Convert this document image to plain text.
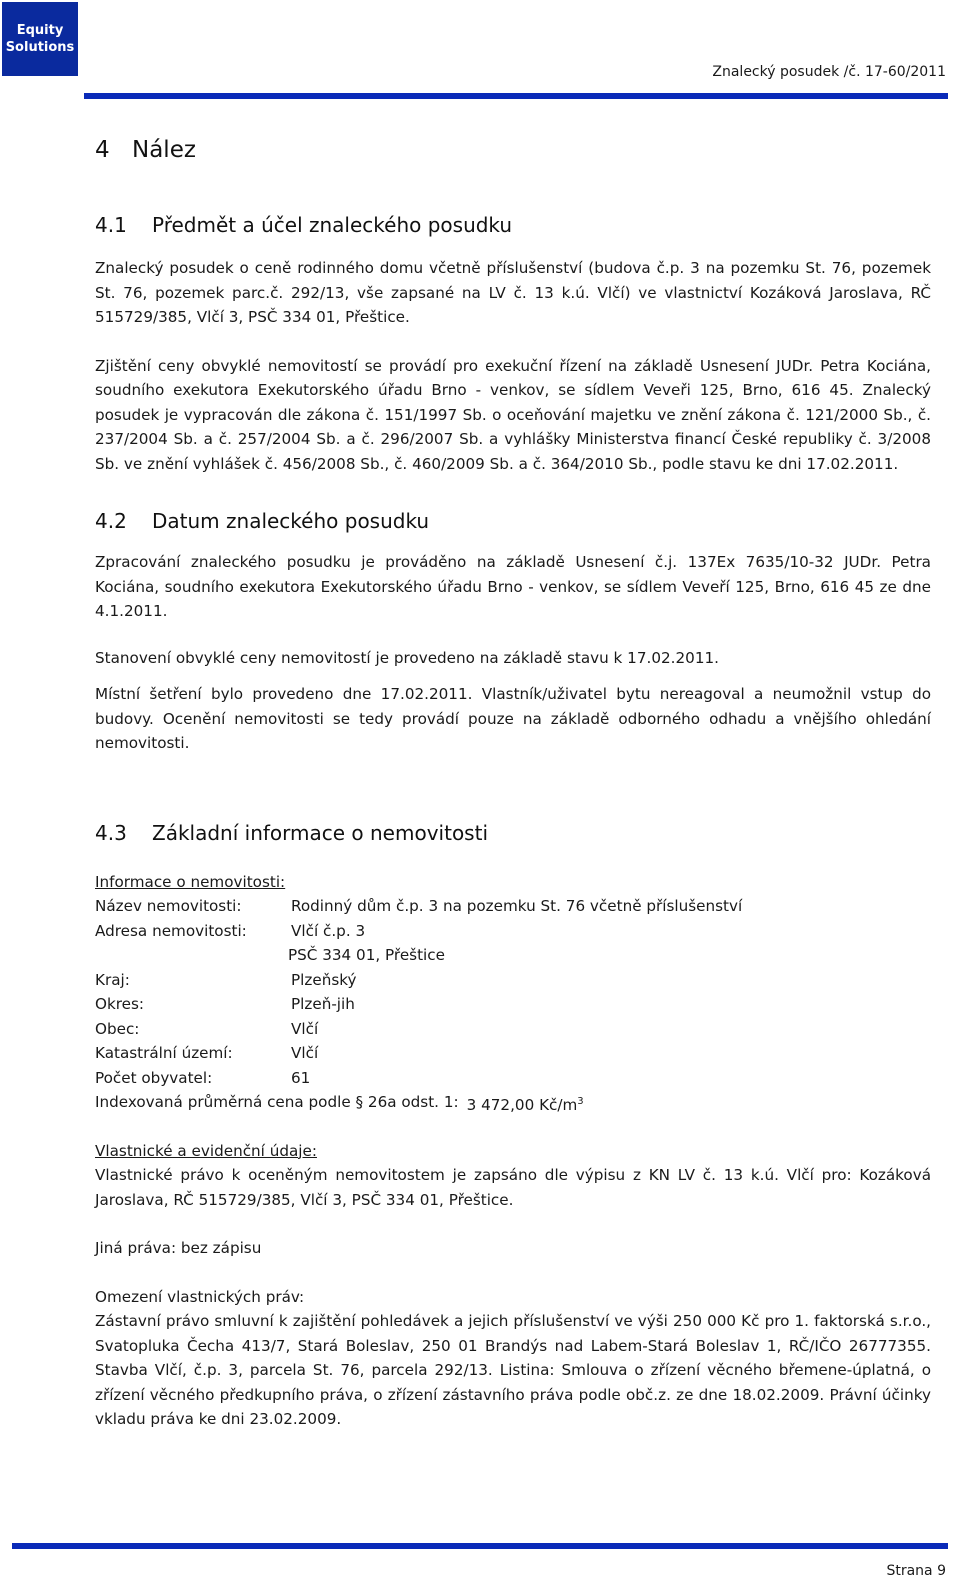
Equity
Solutions
Znalecký posudek /č. 17-60/2011
4 Nález
4.1 Předmět a účel znaleckého posudku

Znalecký posudek o ceně rodinného domu včetně příslušenství (budova č.p. 3 na pozemku St. 76, pozemek St. 76, pozemek parc.č. 292/13, vše zapsané na LV č. 13 k.ú. Vlčí) ve vlastnictví Kozáková Jaroslava, RČ 515729/385, Vlčí 3, PSČ 334 01, Přeštice.

Zjištění ceny obvyklé nemovitostí se provádí pro exekuční řízení na základě Usnesení JUDr. Petra Kociána, soudního exekutora Exekutorského úřadu Brno - venkov, se sídlem Veveři 125, Brno, 616 45. Znalecký posudek je vypracován dle zákona č. 151/1997 Sb. o oceňování majetku ve znění zákona č. 121/2000 Sb., č. 237/2004 Sb. a č. 257/2004 Sb. a č. 296/2007 Sb. a vyhlášky Ministerstva financí České republiky č. 3/2008 Sb. ve znění vyhlášek č. 456/2008 Sb., č. 460/2009 Sb. a č. 364/2010 Sb., podle stavu ke dni 17.02.2011.

4.2 Datum znaleckého posudku

Zpracování znaleckého posudku je prováděno na základě Usnesení č.j. 137Ex 7635/10-32 JUDr. Petra Kociána, soudního exekutora Exekutorského úřadu Brno - venkov, se sídlem Veveří 125, Brno, 616 45 ze dne 4.1.2011.

Stanovení obvyklé ceny nemovitostí je provedeno na základě stavu k 17.02.2011.

Místní šetření bylo provedeno dne 17.02.2011. Vlastník/uživatel bytu nereagoval a neumožnil vstup do budovy. Ocenění nemovitosti se tedy provádí pouze na základě odborného odhadu a vnějšího ohledání nemovitosti.

4.3 Základní informace o nemovitosti
Informace o nemovitosti:
Název nemovitosti:	Rodinný dům č.p. 3 na pozemku St. 76 včetně příslušenství
Adresa nemovitosti:	Vlčí č.p. 3
PSČ 334 01, Přeštice
Kraj:	Plzeňský
Okres:	Plzeň-jih
Obec:	Vlčí
Katastrální území:	Vlčí
Počet obyvatel:	61
Indexovaná průměrná cena podle § 26a odst. 1: 3 472,00 $Kč/m^3$
Vlastnické a evidenční údaje:

Vlastnické právo k oceněným nemovitostem je zapsáno dle výpisu z KN LV č. 13 k.ú. Vlčí pro: Kozáková Jaroslava, RČ 515729/385, Vlčí 3, PSČ 334 01, Přeštice.

Jiná práva: bez zápisu

Omezení vlastnických práv:

Zástavní právo smluvní k zajištění pohledávek a jejich příslušenství ve výši 250 000 Kč pro 1. faktorská s.r.o., Svatopluka Čecha 413/7, Stará Boleslav, 250 01 Brandýs nad Labem-Stará Boleslav 1, RČ/IČO 26777355. Stavba Vlčí, č.p. 3, parcela St. 76, parcela 292/13. Listina: Smlouva o zřízení věcného břemene-úplatná, o zřízení věcného předkupního práva, o zřízení zástavního práva podle obč.z. ze dne 18.02.2009. Právní účinky vkladu práva ke dni 23.02.2009.

Strana 9
